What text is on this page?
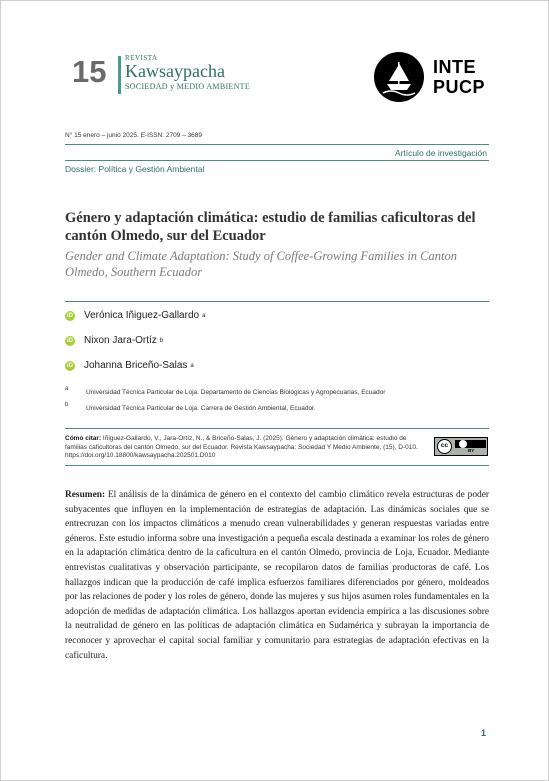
15	REVISTA
Kawsaypacha
SOCIEDAD y MEDIO AMBIENTE
INTE
PUCP
N° 15 enero – junio 2025. E-ISSN: 2709 – 3689
Artículo de investigación
Dossier: Política y Gestión Ambiental
Género y adaptación climática: estudio de familias caficultoras del cantón Olmedo, sur del Ecuador
Gender and Climate Adaptation: Study of Coffee-Growing Families in Canton Olmedo, Southern Ecuador
iD Verónica Iñiguez-Gallardo a
iD Nixon Jara-Ortíz b
iD Johanna Briceño-Salas a
a	Universidad Técnica Particular de Loja. Departamento de Ciencias Biológicas y Agropecuarias, Ecuador
b	Universidad Técnica Particular de Loja. Carrera de Gestión Ambiental, Ecuador.
Cómo citar: Iñiguez-Gallardo, V., Jara-Ortíz, N., & Briceño-Salas, J. (2025). Género y adaptación climática: estudio de familias caficultoras del cantón Olmedo, sur del Ecuador. Revista Kawsaypacha: Sociedad Y Medio Ambiente, (15), D-010. https://doi.org/10.18800/kawsaypacha.202501.D010
cc
BY
Resumen: El análisis de la dinámica de género en el contexto del cambio climático revela estructuras de poder subyacentes que influyen en la implementación de estrategias de adaptación. Las dinámicas sociales que se entrecruzan con los impactos climáticos a menudo crean vulnerabilidades y generan respuestas variadas entre géneros. Este estudio informa sobre una investigación a pequeña escala destinada a examinar los roles de género en la adaptación climática dentro de la caficultura en el cantón Olmedo, provincia de Loja, Ecuador. Mediante entrevistas cualitativas y observación participante, se recopilaron datos de familias productoras de café. Los hallazgos indican que la producción de café implica esfuerzos familiares diferenciados por género, moldeados por las relaciones de poder y los roles de género, donde las mujeres y sus hijos asumen roles fundamentales en la adopción de medidas de adaptación climática. Los hallazgos aportan evidencia empírica a las discusiones sobre la neutralidad de género en las políticas de adaptación climática en Sudamérica y subrayan la importancia de reconocer y aprovechar el capital social familiar y comunitario para estrategias de adaptación efectivas en la caficultura.
1
